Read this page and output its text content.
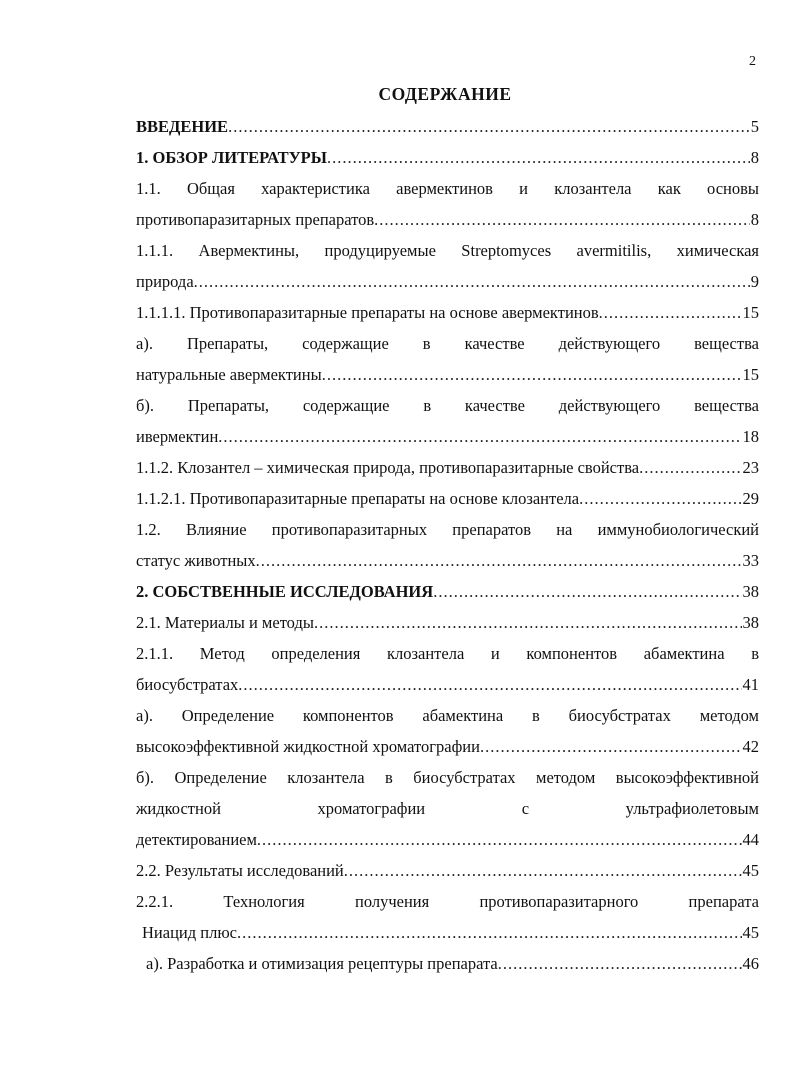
2
СОДЕРЖАНИЕ
ВВЕДЕНИЕ .....	5
1. ОБЗОР ЛИТЕРАТУРЫ .....	8
1.1. Общая характеристика авермектинов и клозантела как основы
противопаразитарных препаратов .....	8
1.1.1. Авермектины, продуцируемые Streptomyces avermitilis, химическая
природа .....	9
1.1.1.1. Противопаразитарные препараты на основе авермектинов .....	15
а). Препараты, содержащие в качестве действующего вещества
натуральные авермектины .....	15
б). Препараты, содержащие в качестве действующего вещества
ивермектин .....	18
1.1.2. Клозантел – химическая природа, противопаразитарные свойства .....	23
1.1.2.1. Противопаразитарные препараты на основе клозантела .....	29
1.2. Влияние противопаразитарных препаратов на иммунобиологический
статус животных .....	33
2. СОБСТВЕННЫЕ ИССЛЕДОВАНИЯ .....	38
2.1. Материалы и методы .....	38
2.1.1. Метод определения клозантела и компонентов абамектина в
биосубстратах .....	41
а). Определение компонентов абамектина в биосубстратах методом
высокоэффективной жидкостной хроматографии .....	42
б). Определение клозантела в биосубстратах методом высокоэффективной
жидкостной хроматографии с ультрафиолетовым
детектированием .....	44
2.2. Результаты исследований .....	45
2.2.1. Технология получения противопаразитарного препарата
Ниацид плюс .....	45
а). Разработка и отимизация рецептуры препарата .....	46
